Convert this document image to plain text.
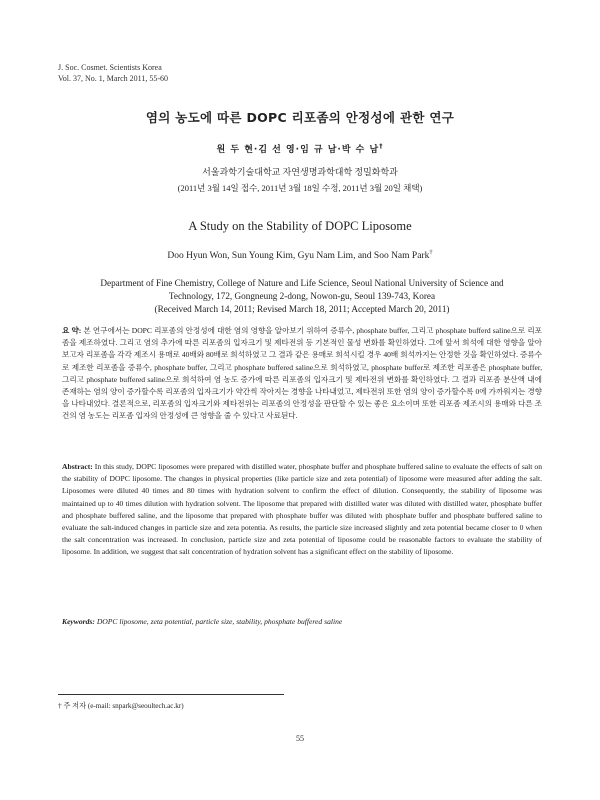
J. Soc. Cosmet. Scientists Korea
Vol. 37, No. 1, March 2011, 55-60
염의 농도에 따른 DOPC 리포좀의 안정성에 관한 연구
원 두 현·김 선 영·임 규 남·박 수 남†
서울과학기술대학교 자연생명과학대학 정밀화학과
(2011년 3월 14일 접수, 2011년 3월 18일 수정, 2011년 3월 20일 채택)
A Study on the Stability of DOPC Liposome
Doo Hyun Won, Sun Young Kim, Gyu Nam Lim, and Soo Nam Park†
Department of Fine Chemistry, College of Nature and Life Science, Seoul National University of Science and
Technology, 172, Gongneung 2-dong, Nowon-gu, Seoul 139-743, Korea
(Received March 14, 2011; Revised March 18, 2011; Accepted March 20, 2011)
요 약: 본 연구에서는 DOPC 리포좀의 안정성에 대한 염의 영향을 알아보기 위하여 증류수, phosphate buffer, 그리고 phosphate bufferd saline으로 리포좀을 제조하였다. 그리고 염의 추가에 따른 리포좀의 입자크기 및 제타전위 등 기본적인 물성 변화를 확인하였다. 그에 앞서 희석에 대한 영향을 알아보고자 리포좀을 각각 제조시 용매로 40배와 80배로 희석하였고 그 결과 같은 용매로 희석시킬 경우 40배 희석까지는 안정한 것을 확인하였다. 증류수로 제조한 리포좀을 증류수, phosphate buffer, 그리고 phosphate buffered saline으로 희석하였고, phosphate buffer로 제조한 리포좀은 phosphate buffer, 그리고 phosphate buffered saline으로 희석하여 염 농도 증가에 따른 리포좀의 입자크기 및 제타전위 변화를 확인하였다. 그 결과 리포좀 분산액 내에 존재하는 염의 양이 증가할수록 리포좀의 입자크기가 약간씩 작아지는 경향을 나타내었고, 제타전위 또한 염의 양이 증가할수록 0에 가까워지는 경향을 나타내었다. 결론적으로, 리포좀의 입자크기와 제타전위는 리포좀의 안정성을 판단할 수 있는 좋은 요소이며 또한 리포좀 제조시의 용매와 다른 조건의 염 농도는 리포좀 입자의 안정성에 큰 영향을 줄 수 있다고 사료된다.
Abstract: In this study, DOPC liposomes were prepared with distilled water, phosphate buffer and phosphate buffered saline to evaluate the effects of salt on the stability of DOPC liposome. The changes in physical properties (like particle size and zeta potential) of liposome were measured after adding the salt. Liposomes were diluted 40 times and 80 times with hydration solvent to confirm the effect of dilution. Consequently, the stability of liposome was maintained up to 40 times dilution with hydration solvent. The liposome that prepared with distilled water was diluted with distilled water, phosphate buffer and phosphate buffered saline, and the liposome that prepared with phosphate buffer was diluted with phosphate buffer and phosphate buffered saline to evaluate the salt-induced changes in particle size and zeta potentia. As results, the particle size increased slightly and zeta potential became closer to 0 when the salt concentration was increased. In conclusion, particle size and zeta potential of liposome could be reasonable factors to evaluate the stability of liposome. In addition, we suggest that salt concentration of hydration solvent has a significant effect on the stability of liposome.
Keywords: DOPC liposome, zeta potential, particle size, stability, phosphate buffered saline
† 주 저자 (e-mail: snpark@seoultech.ac.kr)
55
